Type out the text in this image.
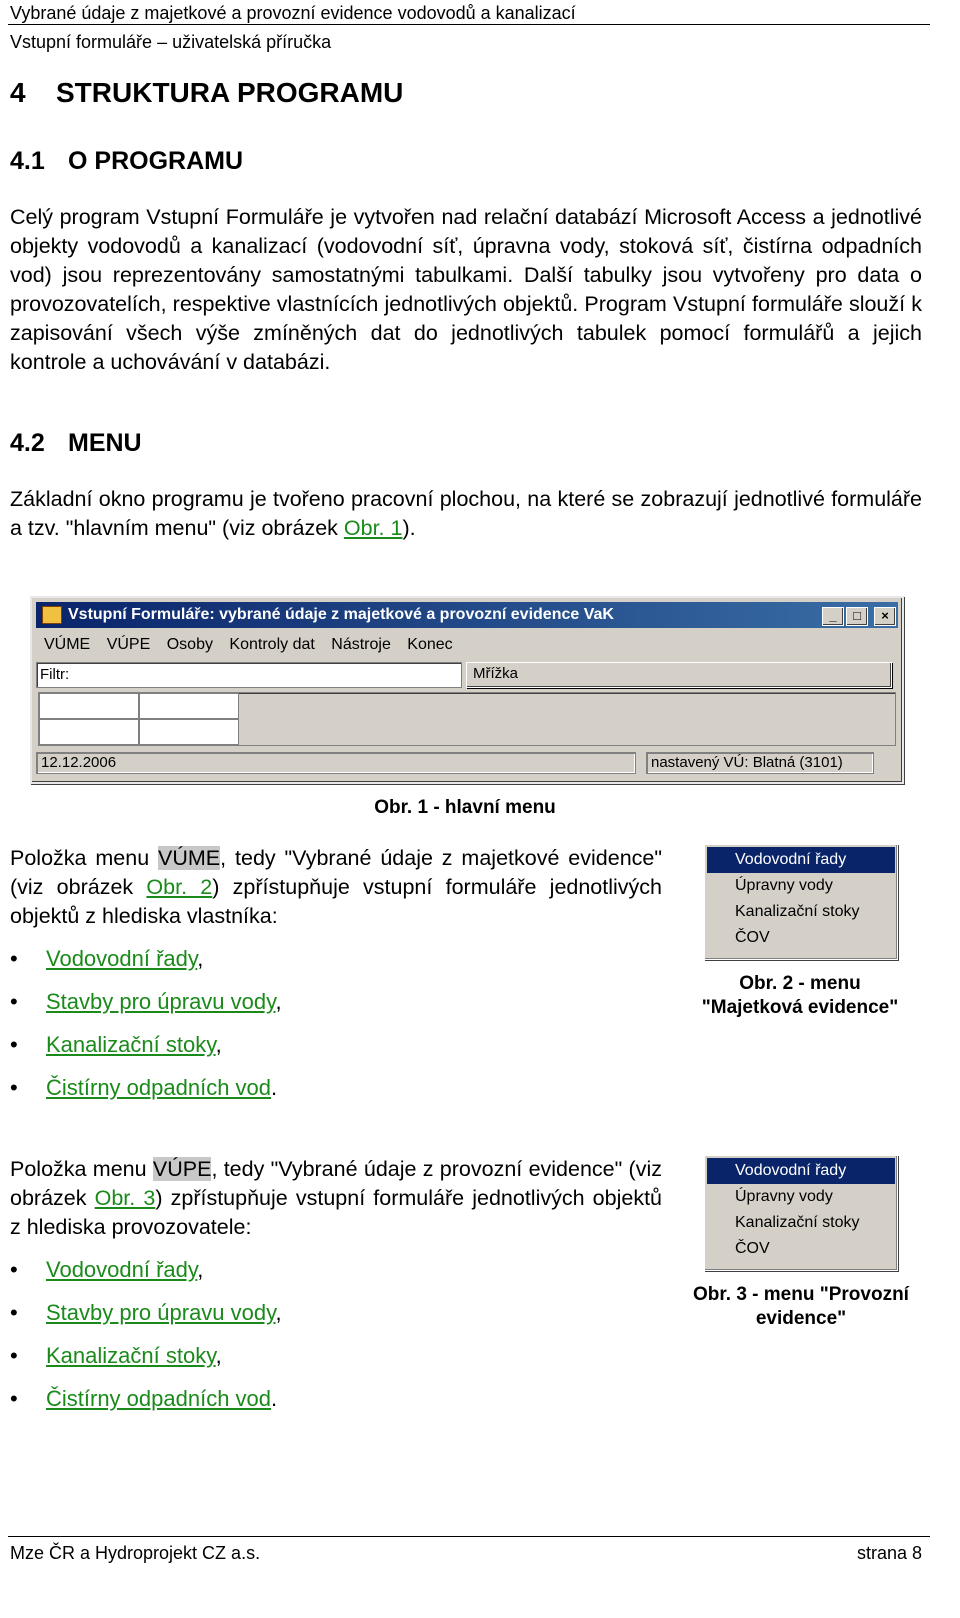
Vybrané údaje z majetkové a provozní evidence vodovodů a kanalizací
Vstupní formuláře – uživatelská příručka
4 STRUKTURA PROGRAMU
4.1 O PROGRAMU
Celý program Vstupní Formuláře je vytvořen nad relační databází Microsoft Access a jednotlivé objekty vodovodů a kanalizací (vodovodní síť, úpravna vody, stoková síť, čistírna odpadních vod) jsou reprezentovány samostatnými tabulkami. Další tabulky jsou vytvořeny pro data o provozovatelích, respektive vlastnících jednotlivých objektů. Program Vstupní formuláře slouží k zapisování všech výše zmíněných dat do jednotlivých tabulek pomocí formulářů a jejich kontrole a uchovávání v databázi.
4.2 MENU
Základní okno programu je tvořeno pracovní plochou, na které se zobrazují jednotlivé formuláře a tzv. "hlavním menu" (viz obrázek Obr. 1).
Vstupní Formuláře: vybrané údaje z majetkové a provozní evidence VaK	_	□	×
VÚME VÚPE Osoby Kontroly dat Nástroje Konec
Filtr:	Mřížka
12.12.2006	nastavený VÚ: Blatná (3101)
Obr. 1 - hlavní menu
Položka menu VÚME, tedy "Vybrané údaje z majetkové evidence" (viz obrázek Obr. 2) zpřístupňuje vstupní formuláře jednotlivých objektů z hlediska vlastníka:
• Vodovodní řady,
• Stavby pro úpravu vody,
• Kanalizační stoky,
• Čistírny odpadních vod.
Vodovodní řady
Úpravny vody
Kanalizační stoky
ČOV
Obr. 2 - menu
"Majetková evidence"
Položka menu VÚPE, tedy "Vybrané údaje z provozní evidence" (viz obrázek Obr. 3) zpřístupňuje vstupní formuláře jednotlivých objektů z hlediska provozovatele:
• Vodovodní řady,
• Stavby pro úpravu vody,
• Kanalizační stoky,
• Čistírny odpadních vod.
Vodovodní řady
Úpravny vody
Kanalizační stoky
ČOV
Obr. 3 - menu "Provozní
evidence"
Mze ČR a Hydroprojekt CZ a.s.	strana 8
